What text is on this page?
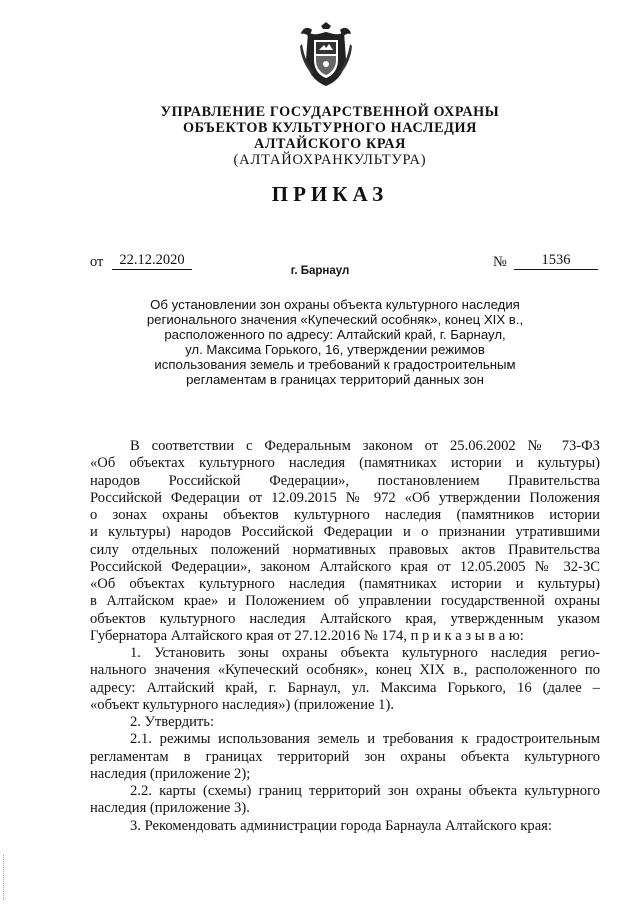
УПРАВЛЕНИЕ ГОСУДАРСТВЕННОЙ ОХРАНЫ
ОБЪЕКТОВ КУЛЬТУРНОГО НАСЛЕДИЯ
АЛТАЙСКОГО КРАЯ
(АЛТАЙОХРАНКУЛЬТУРА)
ПРИКАЗ
от	22.12.2020	№	1536
г. Барнаул
Об установлении зон охраны объекта культурного наследия
регионального значения «Купеческий особняк», конец XIX в.,
расположенного по адресу: Алтайский край, г. Барнаул,
ул. Максима Горького, 16, утверждении режимов
использования земель и требований к градостроительным
регламентам в границах территорий данных зон
В соответствии с Федеральным законом от 25.06.2002 № 73-ФЗ
«Об объектах культурного наследия (памятниках истории и культуры)
народов Российской Федерации», постановлением Правительства
Российской Федерации от 12.09.2015 № 972 «Об утверждении Положения
о зонах охраны объектов культурного наследия (памятников истории
и культуры) народов Российской Федерации и о признании утратившими
силу отдельных положений нормативных правовых актов Правительства
Российской Федерации», законом Алтайского края от 12.05.2005 № 32-ЗС
«Об объектах культурного наследия (памятниках истории и культуры)
в Алтайском крае» и Положением об управлении государственной охраны
объектов культурного наследия Алтайского края, утвержденным указом
Губернатора Алтайского края от 27.12.2016 № 174, п р и к а з ы в а ю:
1. Установить зоны охраны объекта культурного наследия регио-
нального значения «Купеческий особняк», конец XIX в., расположенного по
адресу: Алтайский край, г. Барнаул, ул. Максима Горького, 16 (далее –
«объект культурного наследия») (приложение 1).
2. Утвердить:
2.1. режимы использования земель и требования к градостроительным
регламентам в границах территорий зон охраны объекта культурного
наследия (приложение 2);
2.2. карты (схемы) границ территорий зон охраны объекта культурного
наследия (приложение 3).
3. Рекомендовать администрации города Барнаула Алтайского края:
